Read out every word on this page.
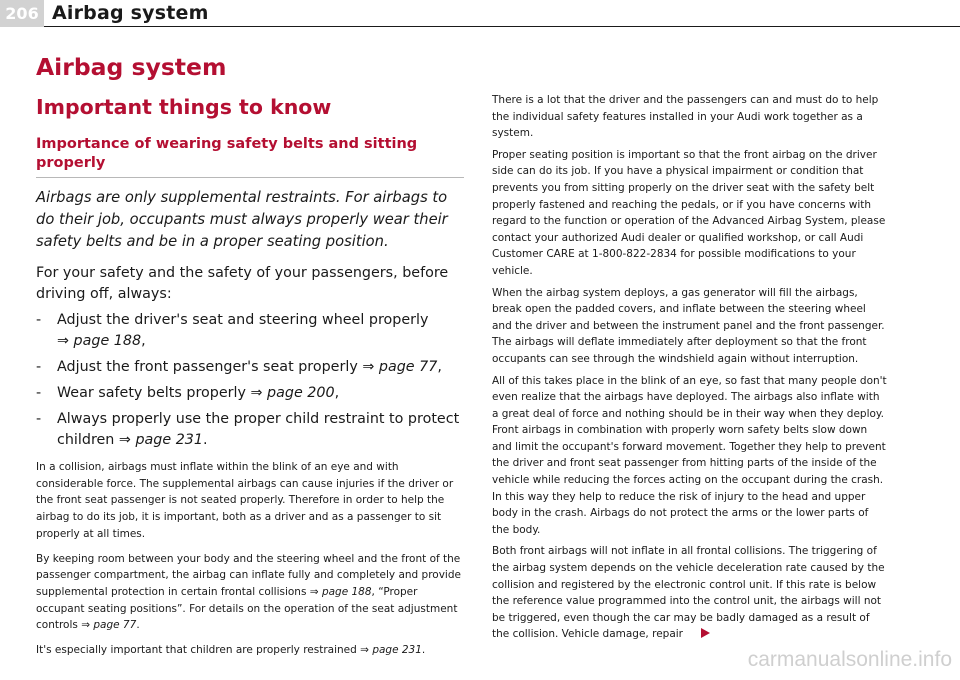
206 Airbag system
Airbag system
Important things to know
Importance of wearing safety belts and sitting properly

Airbags are only supplemental restraints. For airbags to do their job, occupants must always properly wear their safety belts and be in a proper seating position.

For your safety and the safety of your passengers, before driving off, always:

- Adjust the driver's seat and steering wheel properly ⇒ page 188,
- Adjust the front passenger's seat properly ⇒ page 77,
- Wear safety belts properly ⇒ page 200,
- Always properly use the proper child restraint to protect children ⇒ page 231.

In a collision, airbags must inflate within the blink of an eye and with considerable force. The supplemental airbags can cause injuries if the driver or the front seat passenger is not seated properly. Therefore in order to help the airbag to do its job, it is important, both as a driver and as a passenger to sit properly at all times.

By keeping room between your body and the steering wheel and the front of the passenger compartment, the airbag can inflate fully and completely and provide supplemental protection in certain frontal collisions ⇒ page 188, “Proper occupant seating positions”. For details on the operation of the seat adjustment controls ⇒ page 77.

It's especially important that children are properly restrained ⇒ page 231.

There is a lot that the driver and the passengers can and must do to help the individual safety features installed in your Audi work together as a system.

Proper seating position is important so that the front airbag on the driver side can do its job. If you have a physical impairment or condition that prevents you from sitting properly on the driver seat with the safety belt properly fastened and reaching the pedals, or if you have concerns with regard to the function or operation of the Advanced Airbag System, please contact your authorized Audi dealer or qualified workshop, or call Audi Customer CARE at 1-800-822-2834 for possible modifications to your vehicle.

When the airbag system deploys, a gas generator will fill the airbags, break open the padded covers, and inflate between the steering wheel and the driver and between the instrument panel and the front passenger. The airbags will deflate immediately after deployment so that the front occupants can see through the windshield again without interruption.

All of this takes place in the blink of an eye, so fast that many people don't even realize that the airbags have deployed. The airbags also inflate with a great deal of force and nothing should be in their way when they deploy. Front airbags in combination with properly worn safety belts slow down and limit the occupant's forward movement. Together they help to prevent the driver and front seat passenger from hitting parts of the inside of the vehicle while reducing the forces acting on the occupant during the crash. In this way they help to reduce the risk of injury to the head and upper body in the crash. Airbags do not protect the arms or the lower parts of the body.

Both front airbags will not inflate in all frontal collisions. The triggering of the airbag system depends on the vehicle deceleration rate caused by the collision and registered by the electronic control unit. If this rate is below the reference value programmed into the control unit, the airbags will not be triggered, even though the car may be badly damaged as a result of the collision. Vehicle damage, repair

carmanualsonline.info
